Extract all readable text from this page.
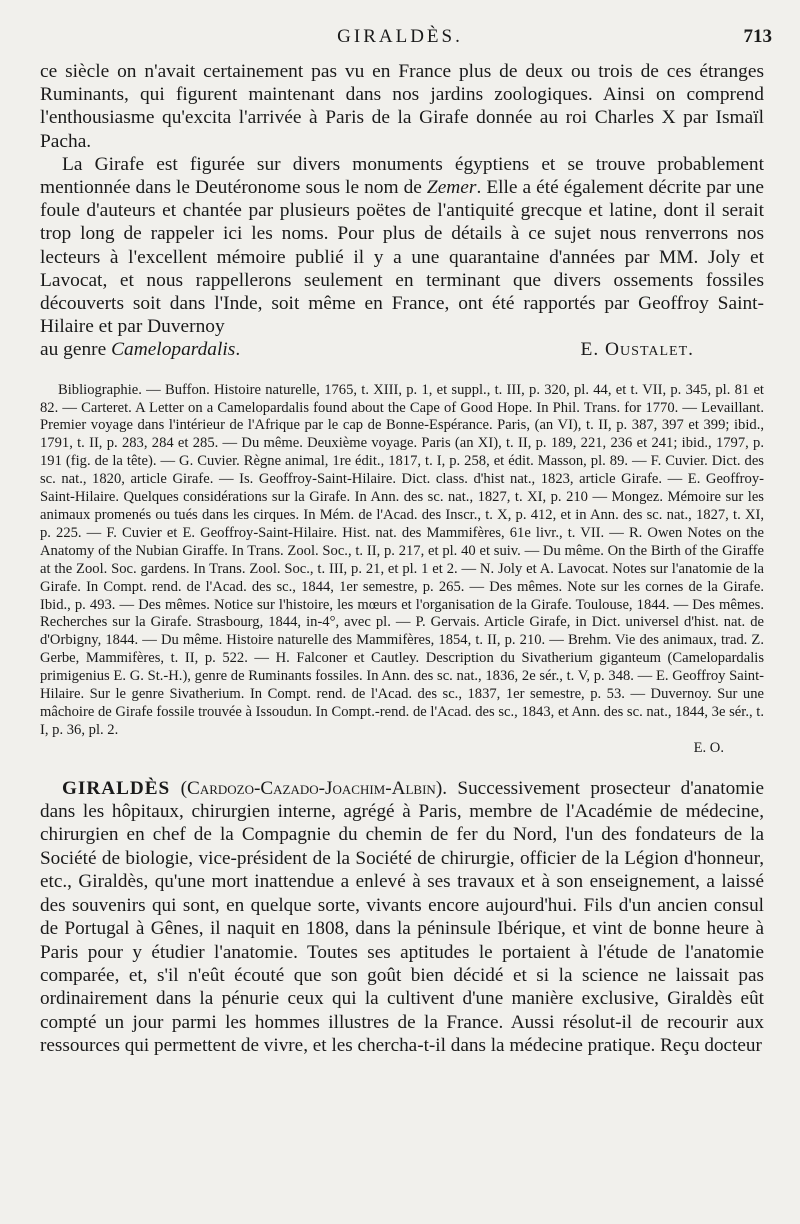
GIRALDÈS.	713

ce siècle on n'avait certainement pas vu en France plus de deux ou trois de ces étranges Ruminants, qui figurent maintenant dans nos jardins zoologiques. Ainsi on comprend l'enthousiasme qu'excita l'arrivée à Paris de la Girafe donnée au roi Charles X par Ismaïl Pacha.

La Girafe est figurée sur divers monuments égyptiens et se trouve probablement mentionnée dans le Deutéronome sous le nom de Zemer. Elle a été également décrite par une foule d'auteurs et chantée par plusieurs poëtes de l'antiquité grecque et latine, dont il serait trop long de rappeler ici les noms. Pour plus de détails à ce sujet nous renverrons nos lecteurs à l'excellent mémoire publié il y a une quarantaine d'années par MM. Joly et Lavocat, et nous rappellerons seulement en terminant que divers ossements fossiles découverts soit dans l'Inde, soit même en France, ont été rapportés par Geoffroy Saint-Hilaire et par Duvernoy

au genre Camelopardalis.	E. Oustalet.
Bibliographie. — Buffon. Histoire naturelle, 1765, t. XIII, p. 1, et suppl., t. III, p. 320, pl. 44, et t. VII, p. 345, pl. 81 et 82. — Carteret. A Letter on a Camelopardalis found about the Cape of Good Hope. In Phil. Trans. for 1770. — Levaillant. Premier voyage dans l'intérieur de l'Afrique par le cap de Bonne-Espérance. Paris, (an VI), t. II, p. 387, 397 et 399; ibid., 1791, t. II, p. 283, 284 et 285. — Du même. Deuxième voyage. Paris (an XI), t. II, p. 189, 221, 236 et 241; ibid., 1797, p. 191 (fig. de la tête). — G. Cuvier. Règne animal, 1re édit., 1817, t. I, p. 258, et édit. Masson, pl. 89. — F. Cuvier. Dict. des sc. nat., 1820, article Girafe. — Is. Geoffroy-Saint-Hilaire. Dict. class. d'hist nat., 1823, article Girafe. — E. Geoffroy-Saint-Hilaire. Quelques considérations sur la Girafe. In Ann. des sc. nat., 1827, t. XI, p. 210 — Mongez. Mémoire sur les animaux promenés ou tués dans les cirques. In Mém. de l'Acad. des Inscr., t. X, p. 412, et in Ann. des sc. nat., 1827, t. XI, p. 225. — F. Cuvier et E. Geoffroy-Saint-Hilaire. Hist. nat. des Mammifères, 61e livr., t. VII. — R. Owen Notes on the Anatomy of the Nubian Giraffe. In Trans. Zool. Soc., t. II, p. 217, et pl. 40 et suiv. — Du même. On the Birth of the Giraffe at the Zool. Soc. gardens. In Trans. Zool. Soc., t. III, p. 21, et pl. 1 et 2. — N. Joly et A. Lavocat. Notes sur l'anatomie de la Girafe. In Compt. rend. de l'Acad. des sc., 1844, 1er semestre, p. 265. — Des mêmes. Note sur les cornes de la Girafe. Ibid., p. 493. — Des mêmes. Notice sur l'histoire, les mœurs et l'organisation de la Girafe. Toulouse, 1844. — Des mêmes. Recherches sur la Girafe. Strasbourg, 1844, in-4°, avec pl. — P. Gervais. Article Girafe, in Dict. universel d'hist. nat. de d'Orbigny, 1844. — Du même. Histoire naturelle des Mammifères, 1854, t. II, p. 210. — Brehm. Vie des animaux, trad. Z. Gerbe, Mammifères, t. II, p. 522. — H. Falconer et Cautley. Description du Sivatherium giganteum (Camelopardalis primigenius E. G. St.-H.), genre de Ruminants fossiles. In Ann. des sc. nat., 1836, 2e sér., t. V, p. 348. — E. Geoffroy Saint-Hilaire. Sur le genre Sivatherium. In Compt. rend. de l'Acad. des sc., 1837, 1er semestre, p. 53. — Duvernoy. Sur une mâchoire de Girafe fossile trouvée à Issoudun. In Compt.-rend. de l'Acad. des sc., 1843, et Ann. des sc. nat., 1844, 3e sér., t. I, p. 36, pl. 2.
E. O.

GIRALDÈS (Cardozo-Cazado-Joachim-Albin). Successivement prosecteur d'anatomie dans les hôpitaux, chirurgien interne, agrégé à Paris, membre de l'Académie de médecine, chirurgien en chef de la Compagnie du chemin de fer du Nord, l'un des fondateurs de la Société de biologie, vice-président de la Société de chirurgie, officier de la Légion d'honneur, etc., Giraldès, qu'une mort inattendue a enlevé à ses travaux et à son enseignement, a laissé des souvenirs qui sont, en quelque sorte, vivants encore aujourd'hui. Fils d'un ancien consul de Portugal à Gênes, il naquit en 1808, dans la péninsule Ibérique, et vint de bonne heure à Paris pour y étudier l'anatomie. Toutes ses aptitudes le portaient à l'étude de l'anatomie comparée, et, s'il n'eût écouté que son goût bien décidé et si la science ne laissait pas ordinairement dans la pénurie ceux qui la cultivent d'une manière exclusive, Giraldès eût compté un jour parmi les hommes illustres de la France. Aussi résolut-il de recourir aux ressources qui permettent de vivre, et les chercha-t-il dans la médecine pratique. Reçu docteur
